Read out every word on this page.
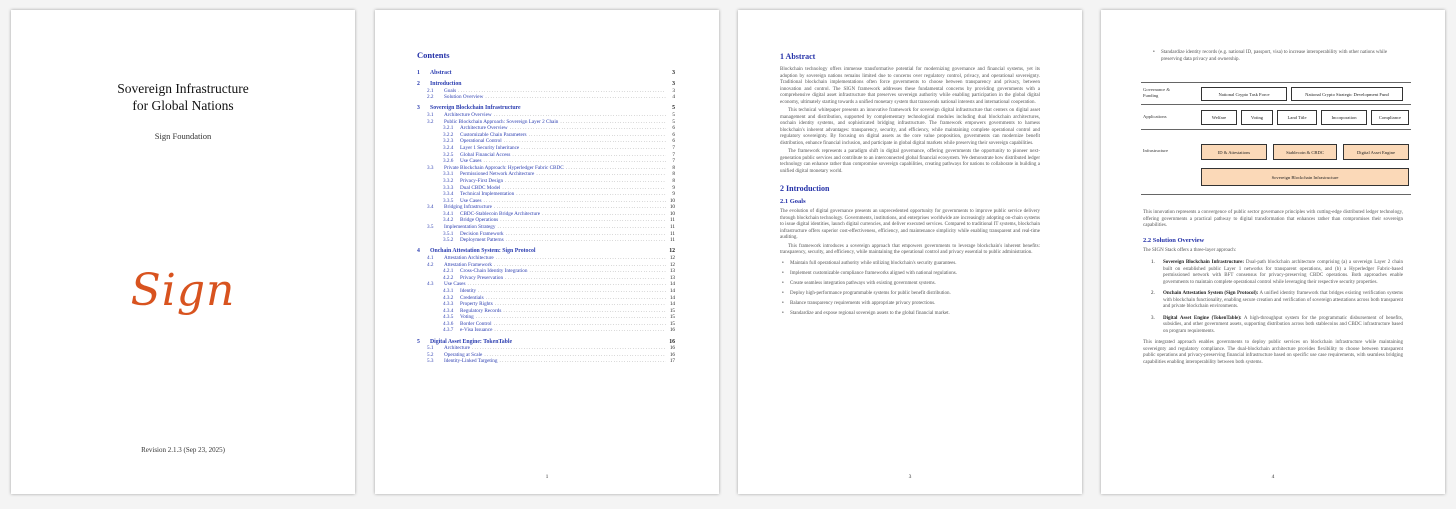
Sovereign Infrastructure
for Global Nations
Sign Foundation
Sign
Revision 2.1.3 (Sep 23, 2025)
Contents
1	Abstract	3
2	Introduction	3
2.1	Goals . . .	3
2.2	Solution Overview . . .	4
3	Sovereign Blockchain Infrastructure	5
3.1	Architecture Overview . . .	5
3.2	Public Blockchain Approach: Sovereign Layer 2 Chain . . .	5
3.2.1	Architecture Overview . . .	6
3.2.2	Customizable Chain Parameters . . .	6
3.2.3	Operational Control . . .	6
3.2.4	Layer 1 Security Inheritance . . .	7
3.2.5	Global Financial Access . . .	7
3.2.6	Use Cases . . .	7
3.3	Private Blockchain Approach: Hyperledger Fabric CBDC . . .	8
3.3.1	Permissioned Network Architecture . . .	8
3.3.2	Privacy-First Design . . .	8
3.3.3	Dual CBDC Model . . .	9
3.3.4	Technical Implementation . . .	9
3.3.5	Use Cases . . .	10
3.4	Bridging Infrastructure . . .	10
3.4.1	CBDC-Stablecoin Bridge Architecture . . .	10
3.4.2	Bridge Operations . . .	11
3.5	Implementation Strategy . . .	11
3.5.1	Decision Framework . . .	11
3.5.2	Deployment Patterns . . .	11
4	Onchain Attestation System: Sign Protocol	12
4.1	Attestation Architecture . . .	12
4.2	Attestation Framework . . .	12
4.2.1	Cross-Chain Identity Integration . . .	13
4.2.2	Privacy Preservation . . .	13
4.3	Use Cases . . .	14
4.3.1	Identity . . .	14
4.3.2	Credentials . . .	14
4.3.3	Property Rights . . .	14
4.3.4	Regulatory Records . . .	15
4.3.5	Voting . . .	15
4.3.6	Border Control . . .	15
4.3.7	e-Visa Issuance . . .	16
5	Digital Asset Engine: TokenTable	16
5.1	Architecture . . .	16
5.2	Operating at Scale . . .	16
5.3	Identity-Linked Targeting . . .	17
1
1 Abstract
Blockchain technology offers immense transformative potential for modernizing governance and financial systems, yet its adoption by sovereign nations remains limited due to concerns over regulatory control, privacy, and operational sovereignty. Traditional blockchain implementations often force governments to choose between transparency and privacy, between innovation and control. The SIGN framework addresses these fundamental concerns by providing governments with a comprehensive digital asset infrastructure that preserves sovereign authority while enabling participation in the global digital economy, ultimately starting towards a unified monetary system that transcends national interests and international cooperation.
This technical whitepaper presents an innovative framework for sovereign digital infrastructure that centers on digital asset management and distribution, supported by complementary technological modules including dual blockchain architectures, onchain identity systems, and sophisticated bridging infrastructure. The framework empowers governments to harness blockchain's inherent advantages: transparency, security, and efficiency, while maintaining complete operational control and regulatory sovereignty. By focusing on digital assets as the core value proposition, governments can modernize benefit distribution, enhance financial inclusion, and participate in global digital markets while preserving their sovereign capabilities.
The framework represents a paradigm shift in digital governance, offering governments the opportunity to pioneer next-generation public services and contribute to an interconnected global financial ecosystem. We demonstrate how distributed ledger technology can enhance rather than compromise sovereign capabilities, creating pathways for nations to collaborate in building a unified digital monetary world.
2 Introduction
2.1 Goals
The evolution of digital governance presents an unprecedented opportunity for governments to improve public service delivery through blockchain technology. Governments, institutions, and enterprises worldwide are increasingly adopting on-chain systems to issue digital identities, launch digital currencies, and deliver executed services. Compared to traditional IT systems, blockchain infrastructure offers superior cost-effectiveness, efficiency, and maintenance simplicity while enabling transparent and real-time auditing.
This framework introduces a sovereign approach that empowers governments to leverage blockchain's inherent benefits: transparency, security, and efficiency, while maintaining the operational control and privacy essential to public administration.
• Maintain full operational authority while utilizing blockchain's security guarantees.
• Implement customizable compliance frameworks aligned with national regulations.
• Create seamless integration pathways with existing government systems.
• Deploy high-performance programmable systems for public benefit distribution.
• Balance transparency requirements with appropriate privacy protections.
• Standardize and expose regional sovereign assets to the global financial market.
3
• Standardize identity records (e.g. national ID, passport, visa) to increase interoperability with other nations while preserving data privacy and ownership.
Governance & Funding	National Crypto Task Force	National Crypto Strategic Development Fund
Applications	Welfare	Voting	Land Title	Incorporation	Compliance
Infrastructure	ID & Attestations	Stablecoin & CBDC	Digital Asset Engine
Sovereign Blockchain Infrastructure
This innovation represents a convergence of public sector governance principles with cutting-edge distributed ledger technology, offering governments a practical pathway to digital transformation that enhances rather than compromises their sovereign capabilities.
2.2 Solution Overview
The SIGN Stack offers a three-layer approach:
1. Sovereign Blockchain Infrastructure: Dual-path blockchain architecture comprising (a) a sovereign Layer 2 chain built on established public Layer 1 networks for transparent operations, and (b) a Hyperledger Fabric-based permissioned network with BFT consensus for privacy-preserving CBDC operations. Both approaches enable governments to maintain complete operational control while leveraging their respective security properties.
2. Onchain Attestation System (Sign Protocol): A unified identity framework that bridges existing verification systems with blockchain functionality, enabling secure creation and verification of sovereign attestations across both transparent and private blockchain environments.
3. Digital Asset Engine (TokenTable): A high-throughput system for the programmatic disbursement of benefits, subsidies, and other government assets, supporting distribution across both stablecoins and CBDC infrastructure based on program requirements.
This integrated approach enables governments to deploy public services on blockchain infrastructure while maintaining sovereignty and regulatory compliance. The dual-blockchain architecture provides flexibility to choose between transparent public operations and privacy-preserving financial infrastructure based on specific use case requirements, with seamless bridging capabilities enabling interoperability between both systems.
4
